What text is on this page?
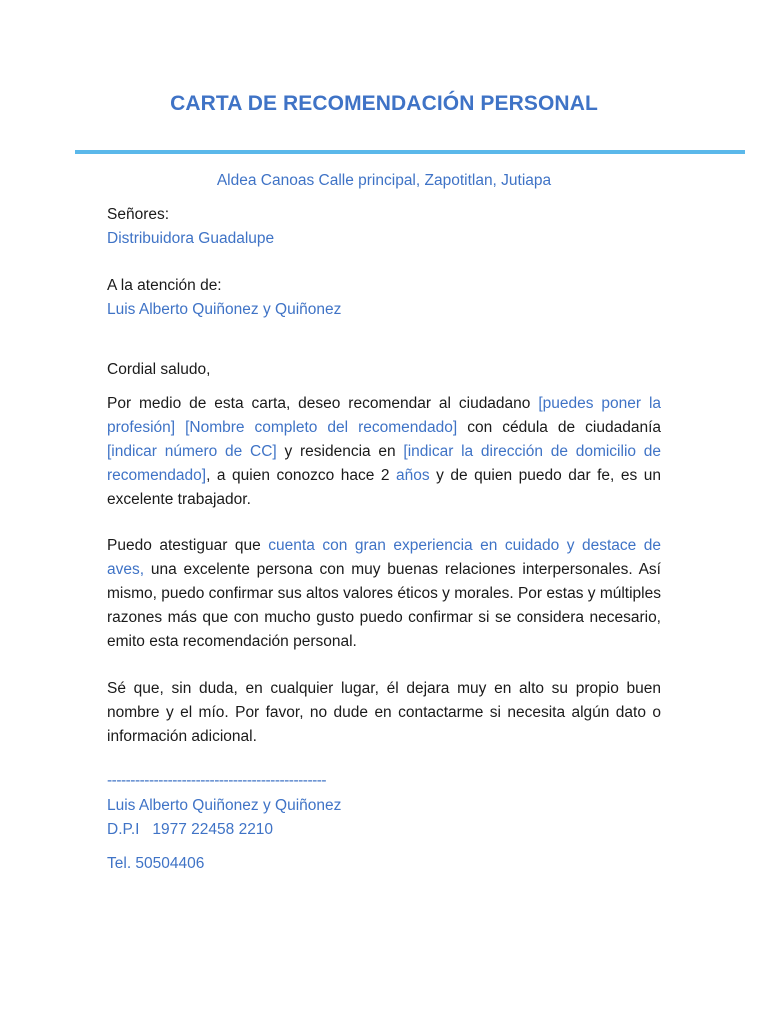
CARTA DE RECOMENDACIÓN PERSONAL
Aldea Canoas Calle principal, Zapotitlan, Jutiapa
Señores:
Distribuidora Guadalupe
A la atención de:
Luis Alberto Quiñonez y Quiñonez
Cordial saludo,
Por medio de esta carta, deseo recomendar al ciudadano [puedes poner la profesión] [Nombre completo del recomendado] con cédula de ciudadanía [indicar número de CC] y residencia en [indicar la dirección de domicilio de recomendado], a quien conozco hace 2 años y de quien puedo dar fe, es un excelente trabajador.
Puedo atestiguar que cuenta con gran experiencia en cuidado y destace de aves, una excelente persona con muy buenas relaciones interpersonales. Así mismo, puedo confirmar sus altos valores éticos y morales. Por estas y múltiples razones más que con mucho gusto puedo confirmar si se considera necesario, emito esta recomendación personal.
Sé que, sin duda, en cualquier lugar, él dejara muy en alto su propio buen nombre y el mío. Por favor, no dude en contactarme si necesita algún dato o información adicional.
-----------------------------------------------
Luis Alberto Quiñonez y Quiñonez
D.P.I   1977 22458 2210
Tel. 50504406
